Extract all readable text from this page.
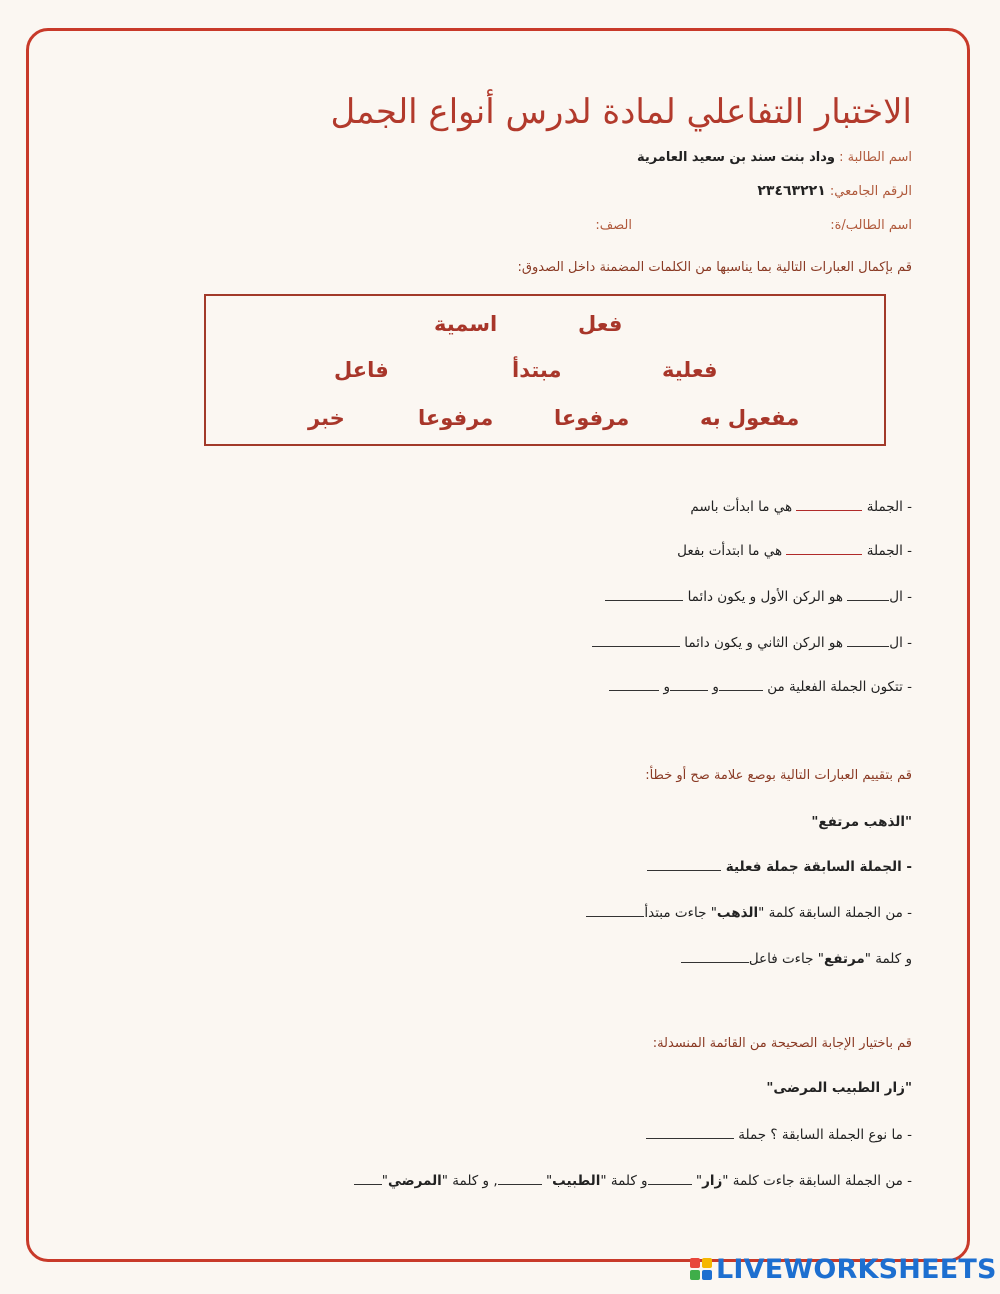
الاختبار التفاعلي لمادة لدرس أنواع الجمل
اسم الطالبة : وداد بنت سند بن سعيد العامرية
الرقم الجامعي: ٢٣٤٦٣٢٢١
اسم الطالب/ة:
الصف:
قم بإكمال العبارات التالية بما يناسبها من الكلمات المضمنة داخل الصدوق:
فعل
اسمية
فعلية
مبتدأ
فاعل
مفعول به
مرفوعا
مرفوعا
خبر
- الجملة  هي ما ابدأت باسم
- الجملة  هي ما ابتدأت بفعل
- ال هو الركن الأول و يكون دائما
- ال هو الركن الثاني و يكون دائما
- تتكون الجملة الفعلية من و و
قم بتقييم العبارات التالية بوصع علامة صح أو خطأ:
"الذهب مرتفع"
- الجملة السابقة جملة فعلية
- من الجملة السابقة كلمة "الذهب" جاءت مبتدأ
و كلمة "مرتفع" جاءت فاعل
قم باختيار الإجابة الصحيحة من القائمة المنسدلة:
"زار الطبيب المرضى"
- ما نوع الجملة السابقة ؟ جملة
- من الجملة السابقة جاءت كلمة "زار" و كلمة "الطبيب" , و كلمة "المرضي"
LIVEWORKSHEETS
